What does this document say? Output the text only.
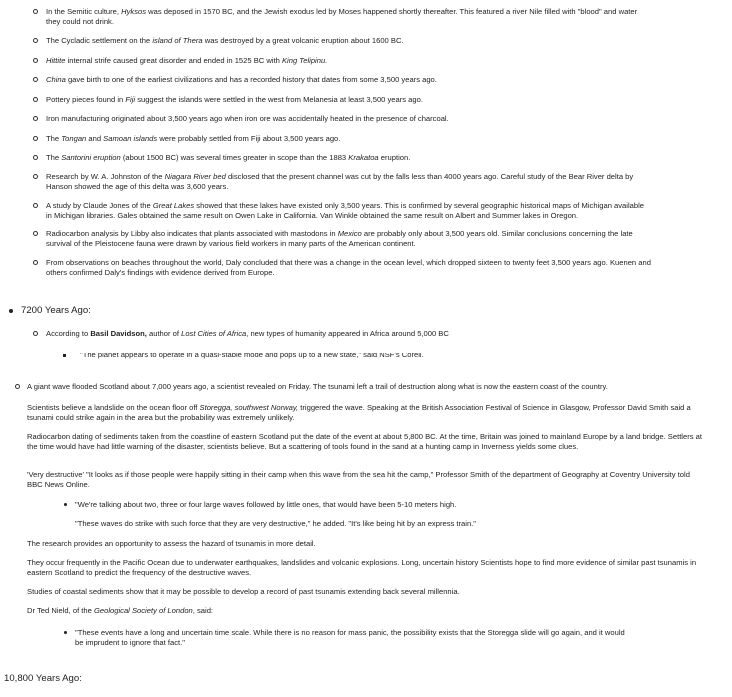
In the Semitic culture, Hyksos was deposed in 1570 BC, and the Jewish exodus led by Moses happened shortly thereafter. This featured a river Nile filled with "blood" and water they could not drink.
The Cycladic settlement on the island of Thera was destroyed by a great volcanic eruption about 1600 BC.
Hittite internal strife caused great disorder and ended in 1525 BC with King Telipinu.
China gave birth to one of the earliest civilizations and has a recorded history that dates from some 3,500 years ago.
Pottery pieces found in Fiji suggest the islands were settled in the west from Melanesia at least 3,500 years ago.
Iron manufacturing originated about 3,500 years ago when iron ore was accidentally heated in the presence of charcoal.
The Tongan and Samoan islands were probably settled from Fiji about 3,500 years ago.
The Santorini eruption (about 1500 BC) was several times greater in scope than the 1883 Krakatoa eruption.
Research by W. A. Johnston of the Niagara River bed disclosed that the present channel was cut by the falls less than 4000 years ago. Careful study of the Bear River delta by Hanson showed the age of this delta was 3,600 years.
A study by Claude Jones of the Great Lakes showed that these lakes have existed only 3,500 years. This is confirmed by several geographic historical maps of Michigan available in Michigan libraries. Gales obtained the same result on Owen Lake in California. Van Winkle obtained the same result on Albert and Summer lakes in Oregon.
Radiocarbon analysis by Libby also indicates that plants associated with mastodons in Mexico are probably only about 3,500 years old. Similar conclusions concerning the late survival of the Pleistocene fauna were drawn by various field workers in many parts of the American continent.
From observations on beaches throughout the world, Daly concluded that there was a change in the ocean level, which dropped sixteen to twenty feet 3,500 years ago. Kuenen and others confirmed Daly's findings with evidence derived from Europe.
7200 Years Ago:
According to Basil Davidson, author of Lost Cities of Africa, new types of humanity appeared in Africa around 5,000 BC
"The planet appears to operate in a quasi-stable mode and pops up to a new state," said NSF's Corell.
A giant wave flooded Scotland about 7,000 years ago, a scientist revealed on Friday. The tsunami left a trail of destruction along what is now the eastern coast of the country.
Scientists believe a landslide on the ocean floor off Storegga, southwest Norway, triggered the wave. Speaking at the British Association Festival of Science in Glasgow, Professor David Smith said a tsunami could strike again in the area but the probability was extremely unlikely.
Radiocarbon dating of sediments taken from the coastline of eastern Scotland put the date of the event at about 5,800 BC. At the time, Britain was joined to mainland Europe by a land bridge. Settlers at the time would have had little warning of the disaster, scientists believe. But a scattering of tools found in the sand at a hunting camp in Inverness yields some clues.
'Very destructive' "It looks as if those people were happily sitting in their camp when this wave from the sea hit the camp," Professor Smith of the department of Geography at Coventry University told BBC News Online.
"We're talking about two, three or four large waves followed by little ones, that would have been 5-10 meters high.
"These waves do strike with such force that they are very destructive," he added. "It's like being hit by an express train."
The research provides an opportunity to assess the hazard of tsunamis in more detail.
They occur frequently in the Pacific Ocean due to underwater earthquakes, landslides and volcanic explosions. Long, uncertain history Scientists hope to find more evidence of similar past tsunamis in eastern Scotland to predict the frequency of the destructive waves.
Studies of coastal sediments show that it may be possible to develop a record of past tsunamis extending back several millennia.
Dr Ted Nield, of the Geological Society of London, said:
"These events have a long and uncertain time scale. While there is no reason for mass panic, the possibility exists that the Storegga slide will go again, and it would be imprudent to ignore that fact."
10,800 Years Ago:
